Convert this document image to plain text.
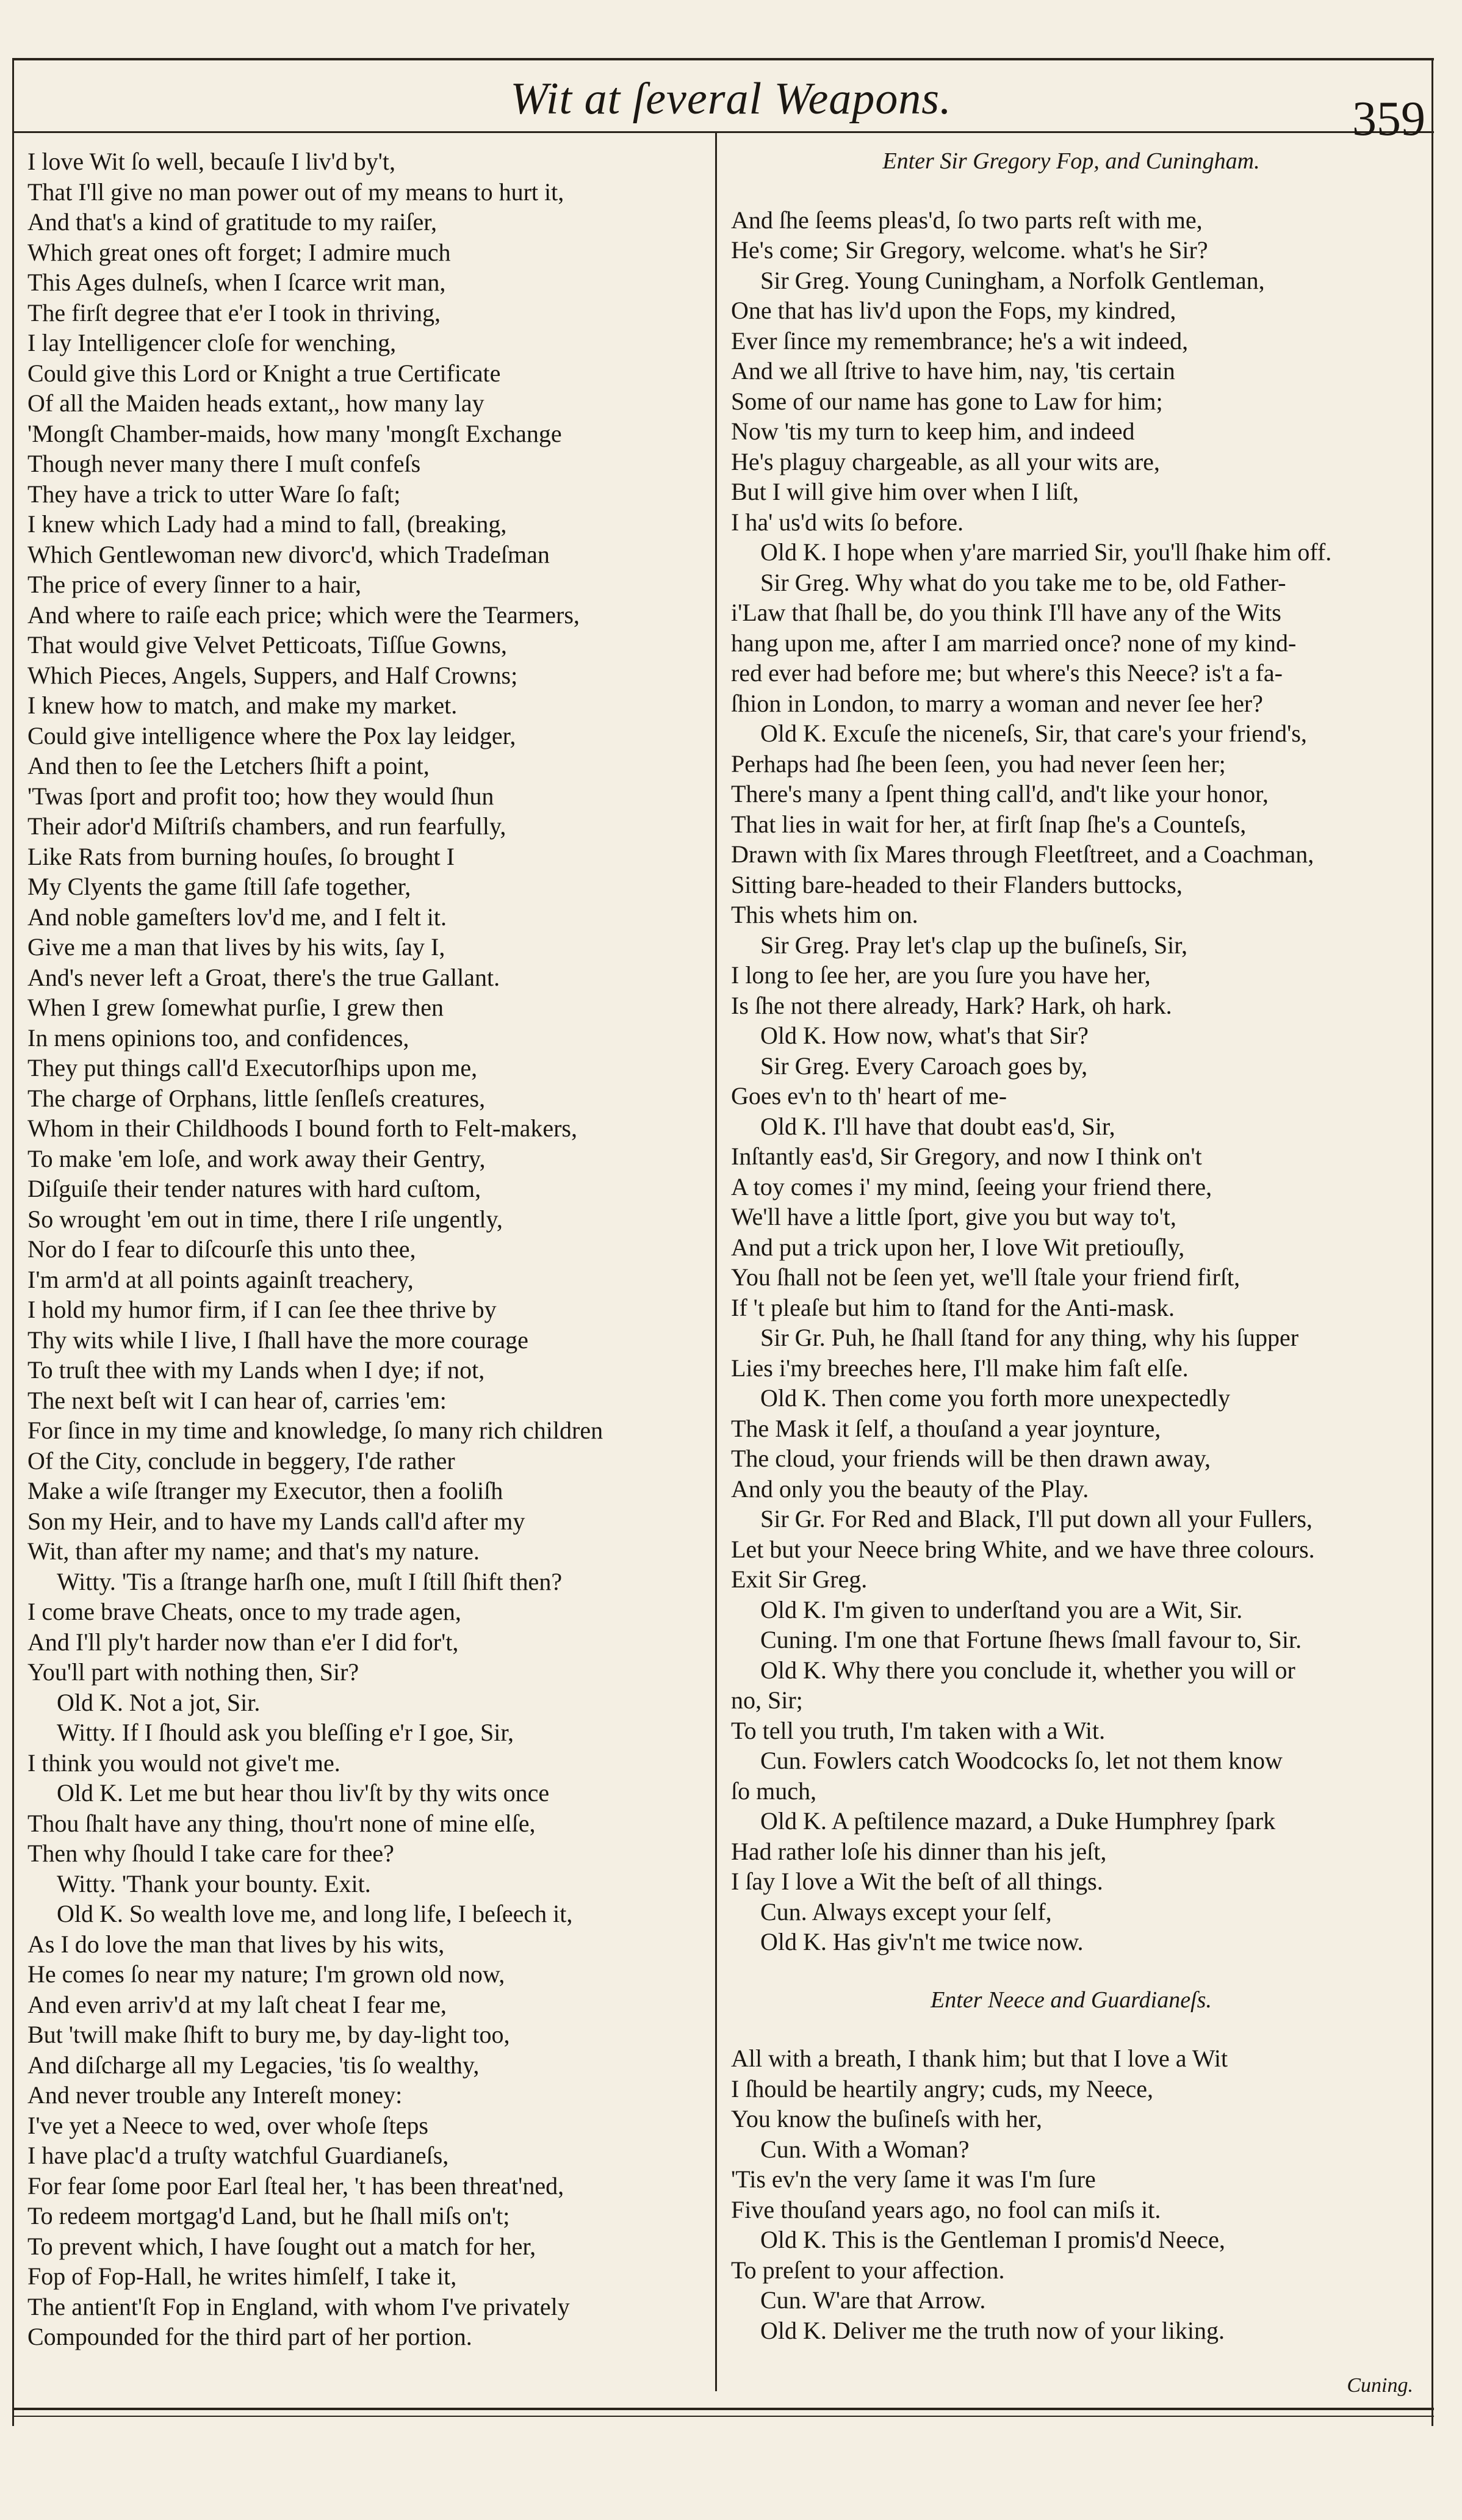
Wit at ſeveral Weapons.	359
I love Wit ſo well, becauſe I liv'd by't,
That I'll give no man power out of my means to hurt it,
And that's a kind of gratitude to my raiſer,
Which great ones oft forget; I admire much
This Ages dulneſs, when I ſcarce writ man,
The firſt degree that e'er I took in thriving,
I lay Intelligencer cloſe for wenching,
Could give this Lord or Knight a true Certificate
Of all the Maiden heads extant,, how many lay
'Mongſt Chamber-maids, how many 'mongſt Exchange
Though never many there I muſt confeſs
They have a trick to utter Ware ſo faſt;
I knew which Lady had a mind to fall, (breaking,
Which Gentlewoman new divorc'd, which Tradeſman
The price of every ſinner to a hair,
And where to raiſe each price; which were the Tearmers,
That would give Velvet Petticoats, Tiſſue Gowns,
Which Pieces, Angels, Suppers, and Half Crowns;
I knew how to match, and make my market.
Could give intelligence where the Pox lay leidger,
And then to ſee the Letchers ſhift a point,
'Twas ſport and profit too; how they would ſhun
Their ador'd Miſtriſs chambers, and run fearfully,
Like Rats from burning houſes, ſo brought I
My Clyents the game ſtill ſafe together,
And noble gameſters lov'd me, and I felt it.
Give me a man that lives by his wits, ſay I,
And's never left a Groat, there's the true Gallant.
When I grew ſomewhat purſie, I grew then
In mens opinions too, and confidences,
They put things call'd Executorſhips upon me,
The charge of Orphans, little ſenſleſs creatures,
Whom in their Childhoods I bound forth to Felt-makers,
To make 'em loſe, and work away their Gentry,
Diſguiſe their tender natures with hard cuſtom,
So wrought 'em out in time, there I riſe ungently,
Nor do I fear to diſcourſe this unto thee,
I'm arm'd at all points againſt treachery,
I hold my humor firm, if I can ſee thee thrive by
Thy wits while I live, I ſhall have the more courage
To truſt thee with my Lands when I dye; if not,
The next beſt wit I can hear of, carries 'em:
For ſince in my time and knowledge, ſo many rich children
Of the City, conclude in beggery, I'de rather
Make a wiſe ſtranger my Executor, then a fooliſh
Son my Heir, and to have my Lands call'd after my
Wit, than after my name; and that's my nature.
Witty. 'Tis a ſtrange harſh one, muſt I ſtill ſhift then?
I come brave Cheats, once to my trade agen,
And I'll ply't harder now than e'er I did for't,
You'll part with nothing then, Sir?
Old K. Not a jot, Sir.
Witty. If I ſhould ask you bleſſing e'r I goe, Sir,
I think you would not give't me.
Old K. Let me but hear thou liv'ſt by thy wits once
Thou ſhalt have any thing, thou'rt none of mine elſe,
Then why ſhould I take care for thee?
Witty. 'Thank your bounty. Exit.
Old K. So wealth love me, and long life, I beſeech it,
As I do love the man that lives by his wits,
He comes ſo near my nature; I'm grown old now,
And even arriv'd at my laſt cheat I fear me,
But 'twill make ſhift to bury me, by day-light too,
And diſcharge all my Legacies, 'tis ſo wealthy,
And never trouble any Intereſt money:
I've yet a Neece to wed, over whoſe ſteps
I have plac'd a truſty watchful Guardianeſs,
For fear ſome poor Earl ſteal her, 't has been threat'ned,
To redeem mortgag'd Land, but he ſhall miſs on't;
To prevent which, I have ſought out a match for her,
Fop of Fop-Hall, he writes himſelf, I take it,
The antient'ſt Fop in England, with whom I've privately
Compounded for the third part of her portion.
Enter Sir Gregory Fop, and Cuningham.
And ſhe ſeems pleas'd, ſo two parts reſt with me,
He's come; Sir Gregory, welcome. what's he Sir?
Sir Greg. Young Cuningham, a Norfolk Gentleman,
One that has liv'd upon the Fops, my kindred,
Ever ſince my remembrance; he's a wit indeed,
And we all ſtrive to have him, nay, 'tis certain
Some of our name has gone to Law for him;
Now 'tis my turn to keep him, and indeed
He's plaguy chargeable, as all your wits are,
But I will give him over when I liſt,
I ha' us'd wits ſo before.
Old K. I hope when y'are married Sir, you'll ſhake him off.
Sir Greg. Why what do you take me to be, old Father-
i'Law that ſhall be, do you think I'll have any of the Wits
hang upon me, after I am married once? none of my kind-
red ever had before me; but where's this Neece? is't a fa-
ſhion in London, to marry a woman and never ſee her?
Old K. Excuſe the niceneſs, Sir, that care's your friend's,
Perhaps had ſhe been ſeen, you had never ſeen her;
There's many a ſpent thing call'd, and't like your honor,
That lies in wait for her, at firſt ſnap ſhe's a Counteſs,
Drawn with ſix Mares through Fleetſtreet, and a Coachman,
Sitting bare-headed to their Flanders buttocks,
This whets him on.
Sir Greg. Pray let's clap up the buſineſs, Sir,
I long to ſee her, are you ſure you have her,
Is ſhe not there already, Hark? Hark, oh hark.
Old K. How now, what's that Sir?
Sir Greg. Every Caroach goes by,
Goes ev'n to th' heart of me-
Old K. I'll have that doubt eas'd, Sir,
Inſtantly eas'd, Sir Gregory, and now I think on't
A toy comes i' my mind, ſeeing your friend there,
We'll have a little ſport, give you but way to't,
And put a trick upon her, I love Wit pretiouſly,
You ſhall not be ſeen yet, we'll ſtale your friend firſt,
If 't pleaſe but him to ſtand for the Anti-mask.
Sir Gr. Puh, he ſhall ſtand for any thing, why his ſupper
Lies i'my breeches here, I'll make him faſt elſe.
Old K. Then come you forth more unexpectedly
The Mask it ſelf, a thouſand a year joynture,
The cloud, your friends will be then drawn away,
And only you the beauty of the Play.
Sir Gr. For Red and Black, I'll put down all your Fullers,
Let but your Neece bring White, and we have three colours.
Exit Sir Greg.
Old K. I'm given to underſtand you are a Wit, Sir.
Cuning. I'm one that Fortune ſhews ſmall favour to, Sir.
Old K. Why there you conclude it, whether you will or
no, Sir;
To tell you truth, I'm taken with a Wit.
Cun. Fowlers catch Woodcocks ſo, let not them know
ſo much,
Old K. A peſtilence mazard, a Duke Humphrey ſpark
Had rather loſe his dinner than his jeſt,
I ſay I love a Wit the beſt of all things.
Cun. Always except your ſelf,
Old K. Has giv'n't me twice now.
Enter Neece and Guardianeſs.
All with a breath, I thank him; but that I love a Wit
I ſhould be heartily angry; cuds, my Neece,
You know the buſineſs with her,
Cun. With a Woman?
'Tis ev'n the very ſame it was I'm ſure
Five thouſand years ago, no fool can miſs it.
Old K. This is the Gentleman I promis'd Neece,
To preſent to your affection.
Cun. W'are that Arrow.
Old K. Deliver me the truth now of your liking.
Cuning.
